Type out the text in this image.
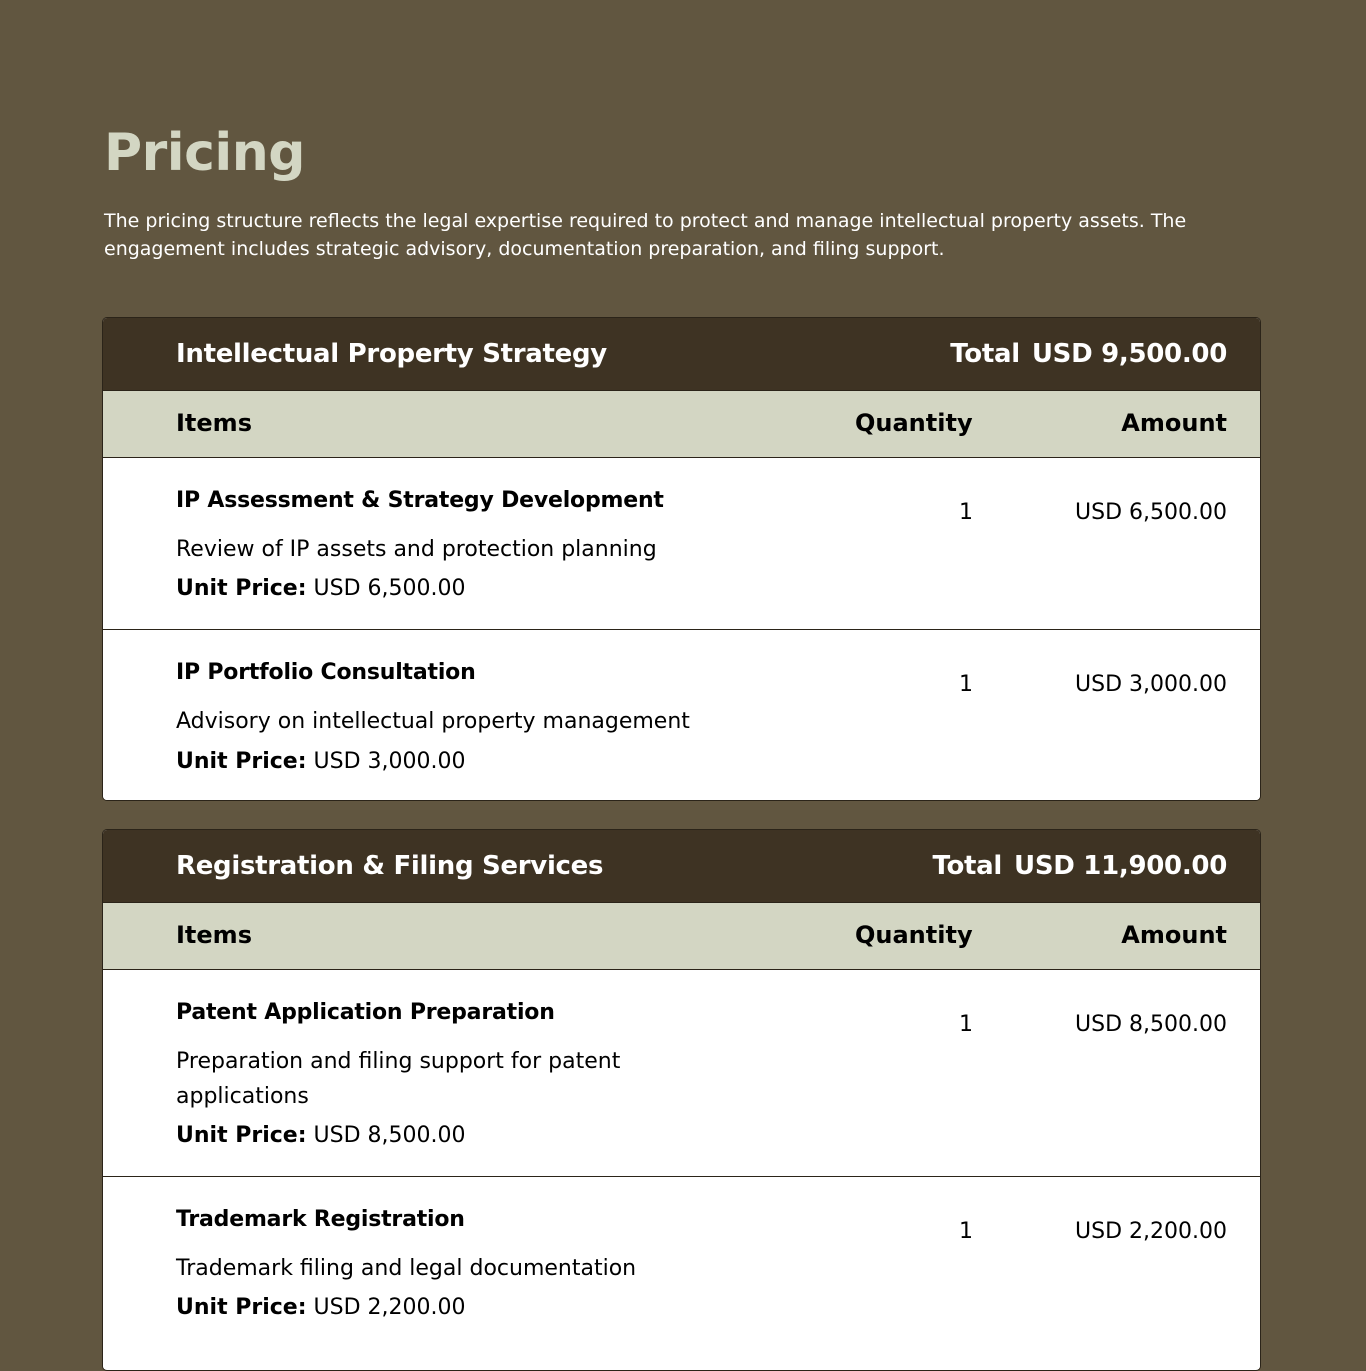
Pricing

The pricing structure reflects the legal expertise required to protect and manage intellectual property assets. The engagement includes strategic advisory, documentation preparation, and filing support.

Intellectual Property Strategy	Total USD 9,500.00
Items	Quantity	Amount
IP Assessment & Strategy Development
Review of IP assets and protection planning
Unit Price: USD 6,500.00
1	USD 6,500.00
IP Portfolio Consultation
Advisory on intellectual property management
Unit Price: USD 3,000.00
1	USD 3,000.00
Registration & Filing Services	Total USD 11,900.00
Items	Quantity	Amount
Patent Application Preparation
Preparation and filing support for patent applications
Unit Price: USD 8,500.00
1	USD 8,500.00
Trademark Registration
Trademark filing and legal documentation
Unit Price: USD 2,200.00
1	USD 2,200.00
